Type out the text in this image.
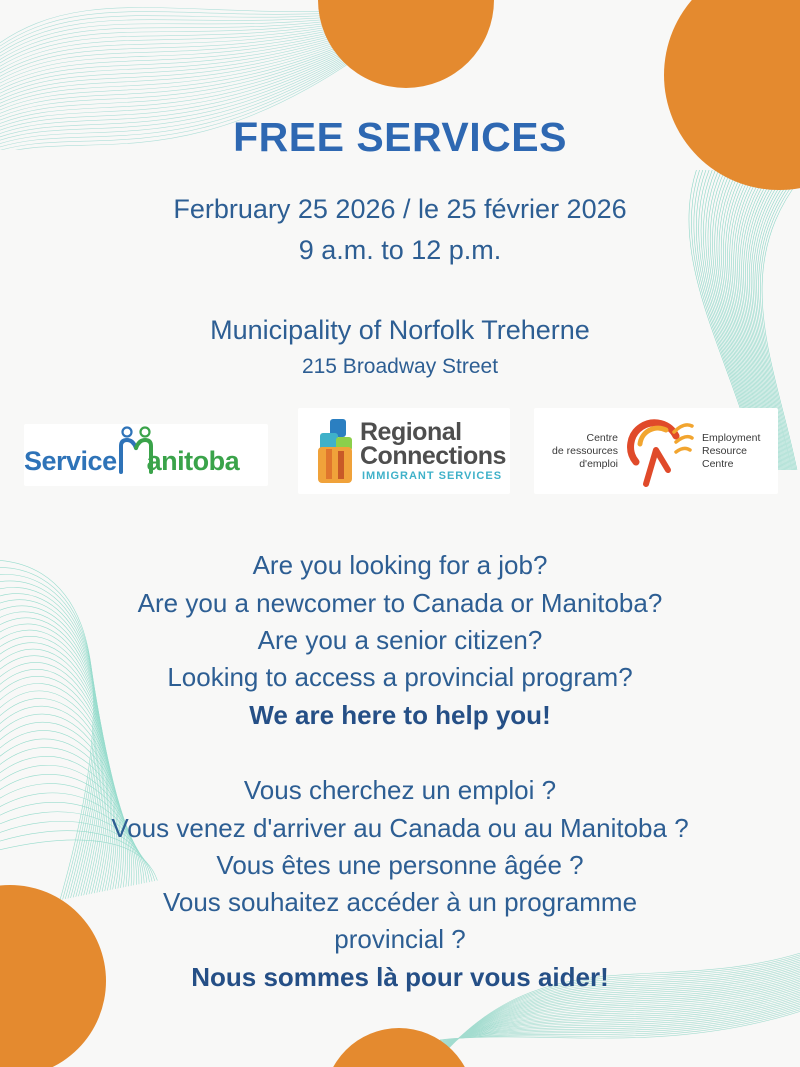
FREE SERVICES
Ferbruary 25 2026 / le 25 février 2026
9 a.m. to 12 p.m.
Municipality of Norfolk Treherne
215 Broadway Street
Service anitoba
Regional
Connections
IMMIGRANT SERVICES
Centre
de ressources
d'emploi
Employment
Resource
Centre
Are you looking for a job?
Are you a newcomer to Canada or Manitoba?
Are you a senior citizen?
Looking to access a provincial program?
We are here to help you!
Vous cherchez un emploi ?
Vous venez d'arriver au Canada ou au Manitoba ?
Vous êtes une personne âgée ?
Vous souhaitez accéder à un programme
provincial ?
Nous sommes là pour vous aider!
